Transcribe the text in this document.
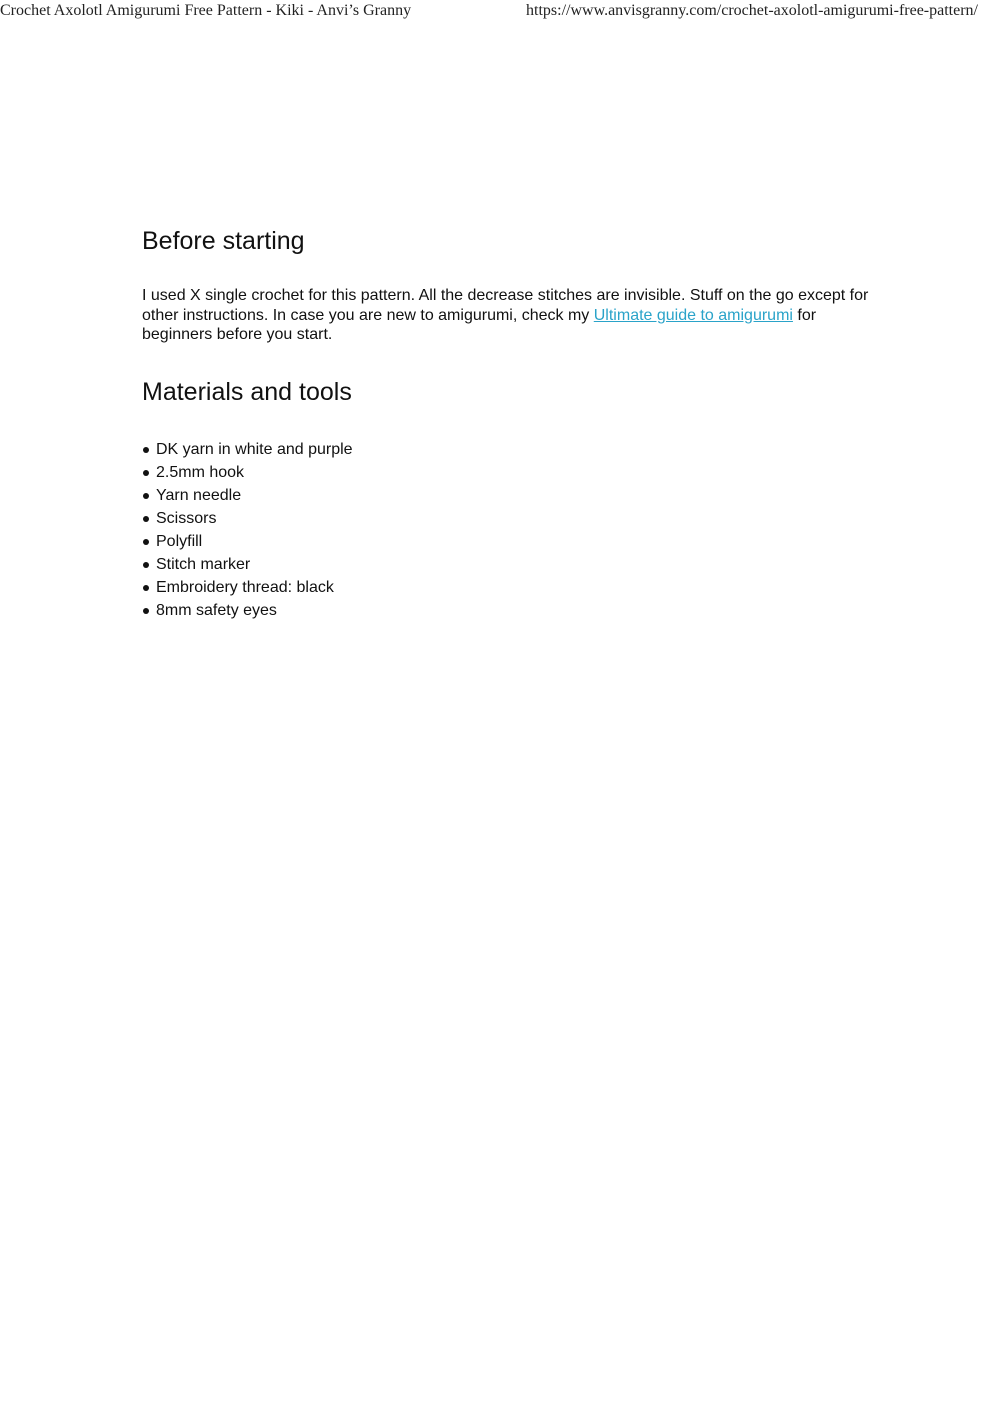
Crochet Axolotl Amigurumi Free Pattern - Kiki - Anvi’s Granny	https://www.anvisgranny.com/crochet-axolotl-amigurumi-free-pattern/
Before starting

I used X single crochet for this pattern. All the decrease stitches are invisible. Stuff on the go except for other instructions. In case you are new to amigurumi, check my Ultimate guide to amigurumi for beginners before you start.

Materials and tools
DK yarn in white and purple
2.5mm hook
Yarn needle
Scissors
Polyfill
Stitch marker
Embroidery thread: black
8mm safety eyes
